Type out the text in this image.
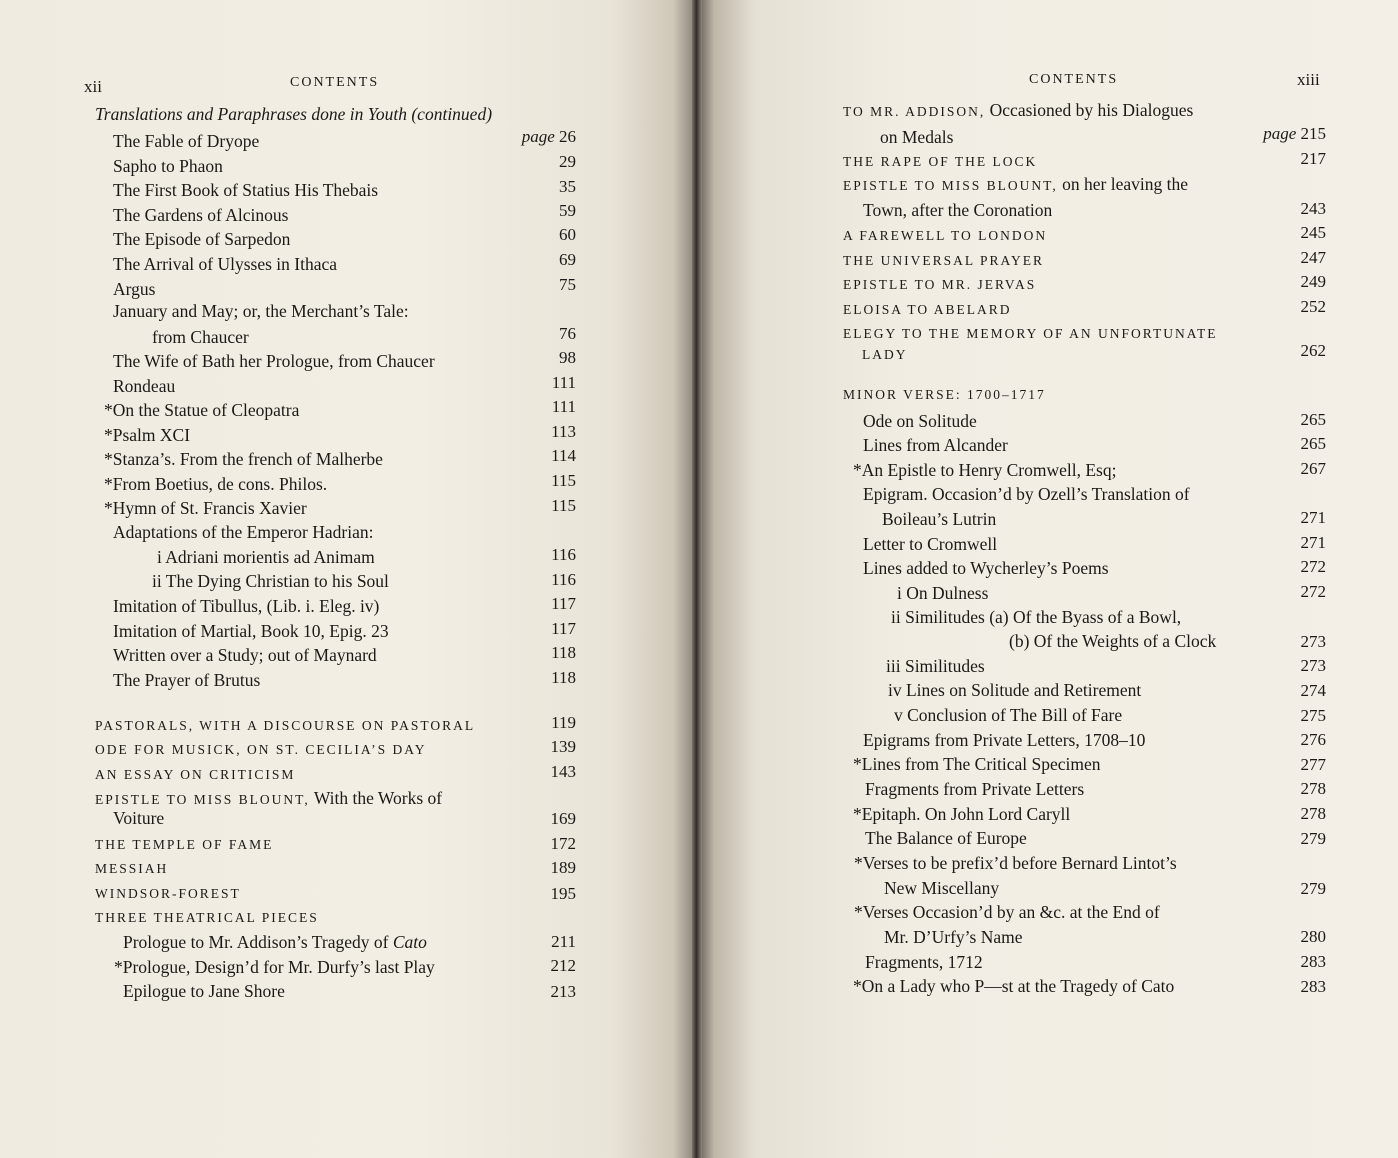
xii	CONTENTS
Translations and Paraphrases done in Youth (continued)
The Fable of Dryope	page 26
Sapho to Phaon	29
The First Book of Statius His Thebais	35
The Gardens of Alcinous	59
The Episode of Sarpedon	60
The Arrival of Ulysses in Ithaca	69
Argus	75
January and May; or, the Merchant’s Tale:
from Chaucer	76
The Wife of Bath her Prologue, from Chaucer	98
Rondeau	111
*On the Statue of Cleopatra	111
*Psalm XCI	113
*Stanza’s. From the french of Malherbe	114
*From Boetius, de cons. Philos.	115
*Hymn of St. Francis Xavier	115
Adaptations of the Emperor Hadrian:
i Adriani morientis ad Animam	116
ii The Dying Christian to his Soul	116
Imitation of Tibullus, (Lib. i. Eleg. iv)	117
Imitation of Martial, Book 10, Epig. 23	117
Written over a Study; out of Maynard	118
The Prayer of Brutus	118
PASTORALS, WITH A DISCOURSE ON PASTORAL	119
ODE FOR MUSICK, ON ST. CECILIA’S DAY	139
AN ESSAY ON CRITICISM	143
EPISTLE TO MISS BLOUNT, With the Works of
Voiture	169
THE TEMPLE OF FAME	172
MESSIAH	189
WINDSOR-FOREST	195
THREE THEATRICAL PIECES
Prologue to Mr. Addison’s Tragedy of Cato	211
*Prologue, Design’d for Mr. Durfy’s last Play	212
Epilogue to Jane Shore	213
CONTENTS	xiii
TO MR. ADDISON, Occasioned by his Dialogues
on Medals	page 215
THE RAPE OF THE LOCK	217
EPISTLE TO MISS BLOUNT, on her leaving the
Town, after the Coronation	243
A FAREWELL TO LONDON	245
THE UNIVERSAL PRAYER	247
EPISTLE TO MR. JERVAS	249
ELOISA TO ABELARD	252
ELEGY TO THE MEMORY OF AN UNFORTUNATE
LADY	262
MINOR VERSE: 1700–1717
Ode on Solitude	265
Lines from Alcander	265
*An Epistle to Henry Cromwell, Esq;	267
Epigram. Occasion’d by Ozell’s Translation of
Boileau’s Lutrin	271
Letter to Cromwell	271
Lines added to Wycherley’s Poems	272
i On Dulness	272
ii Similitudes (a) Of the Byass of a Bowl,
(b) Of the Weights of a Clock	273
iii Similitudes	273
iv Lines on Solitude and Retirement	274
v Conclusion of The Bill of Fare	275
Epigrams from Private Letters, 1708–10	276
*Lines from The Critical Specimen	277
Fragments from Private Letters	278
*Epitaph. On John Lord Caryll	278
The Balance of Europe	279
*Verses to be prefix’d before Bernard Lintot’s
New Miscellany	279
*Verses Occasion’d by an &c. at the End of
Mr. D’Urfy’s Name	280
Fragments, 1712	283
*On a Lady who P—st at the Tragedy of Cato	283
